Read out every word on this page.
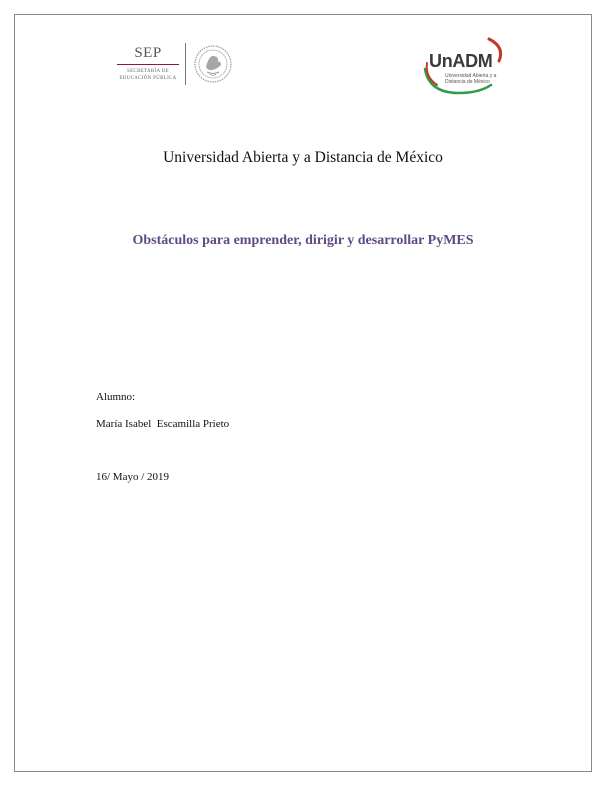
SEP
SECRETARÍA DE
EDUCACIÓN PÚBLICA
UnADM
Universidad Abierta y a
Distancia de México
Universidad Abierta y a Distancia de México
Obstáculos para emprender, dirigir y desarrollar PyMES
Alumno:
María Isabel  Escamilla Prieto
16/ Mayo / 2019
